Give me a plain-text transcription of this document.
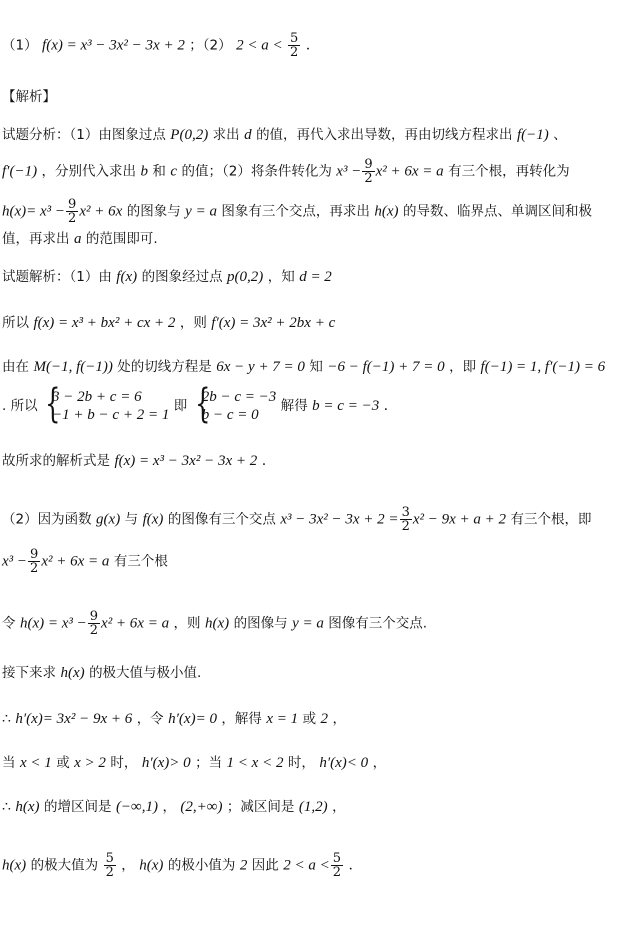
（1） f(x) = x³ − 3x² − 3x + 2 ；（2） $2 < a < \frac{5}{2}$ .
【解析】
试题分析：（1）由图象过点 P(0,2) 求出 d 的值，再代入求出导数，再由切线方程求出 f(−1) 、
f′(−1) ，分别代入求出 b 和 c 的值；（2）将条件转化为 $x^3 - \frac{9}{2} x^2 + 6x = a$ 有三个根，再转化为
$h(x)= x^3 - \frac{9}{2} x^2 + 6x$ 的图象与 y = a 图象有三个交点，再求出 h(x) 的导数、临界点、单调区间和极
值，再求出 a 的范围即可.
试题解析：（1）由 f(x) 的图象经过点 p(0,2) ，知 d = 2
所以 f(x) = x³ + bx² + cx + 2 ，则 f′(x) = 3x² + 2bx + c
由在 M(−1, f(−1)) 处的切线方程是 6x − y + 7 = 0 知 −6 − f(−1) + 7 = 0 ，即 f(−1) = 1, f′(−1) = 6
. 所以
{ 3 − 2b + c = 6
−1 + b − c + 2 = 1
即
{ 2b − c = −3
b − c = 0
解得 b = c = −3 .
故所求的解析式是 f(x) = x³ − 3x² − 3x + 2 .
（2）因为函数 g(x) 与 f(x) 的图像有三个交点 $x^3 - 3x^2 - 3x + 2 = \frac{3}{2} x^2 - 9x + a + 2$ 有三个根，即
$x^3 - \frac{9}{2} x^2 + 6x = a$ 有三个根
令 $h(x) = x^3 - \frac{9}{2} x^2 + 6x = a$ ，则 h(x) 的图像与 y = a 图像有三个交点.
接下来求 h(x) 的极大值与极小值.
∴ h′(x)= 3x² − 9x + 6 ，令 h′(x)= 0 ，解得 x = 1 或 2 ，
当 x < 1 或 x > 2 时， h′(x)> 0 ；当 1 < x < 2 时， h′(x)< 0 ，
∴ h(x) 的增区间是 (−∞,1) ， (2,+∞) ；减区间是 (1,2) ，
h(x) 的极大值为 $\frac{5}{2}$ ， h(x) 的极小值为 2 因此 $2 < a < \frac{5}{2}$ .
